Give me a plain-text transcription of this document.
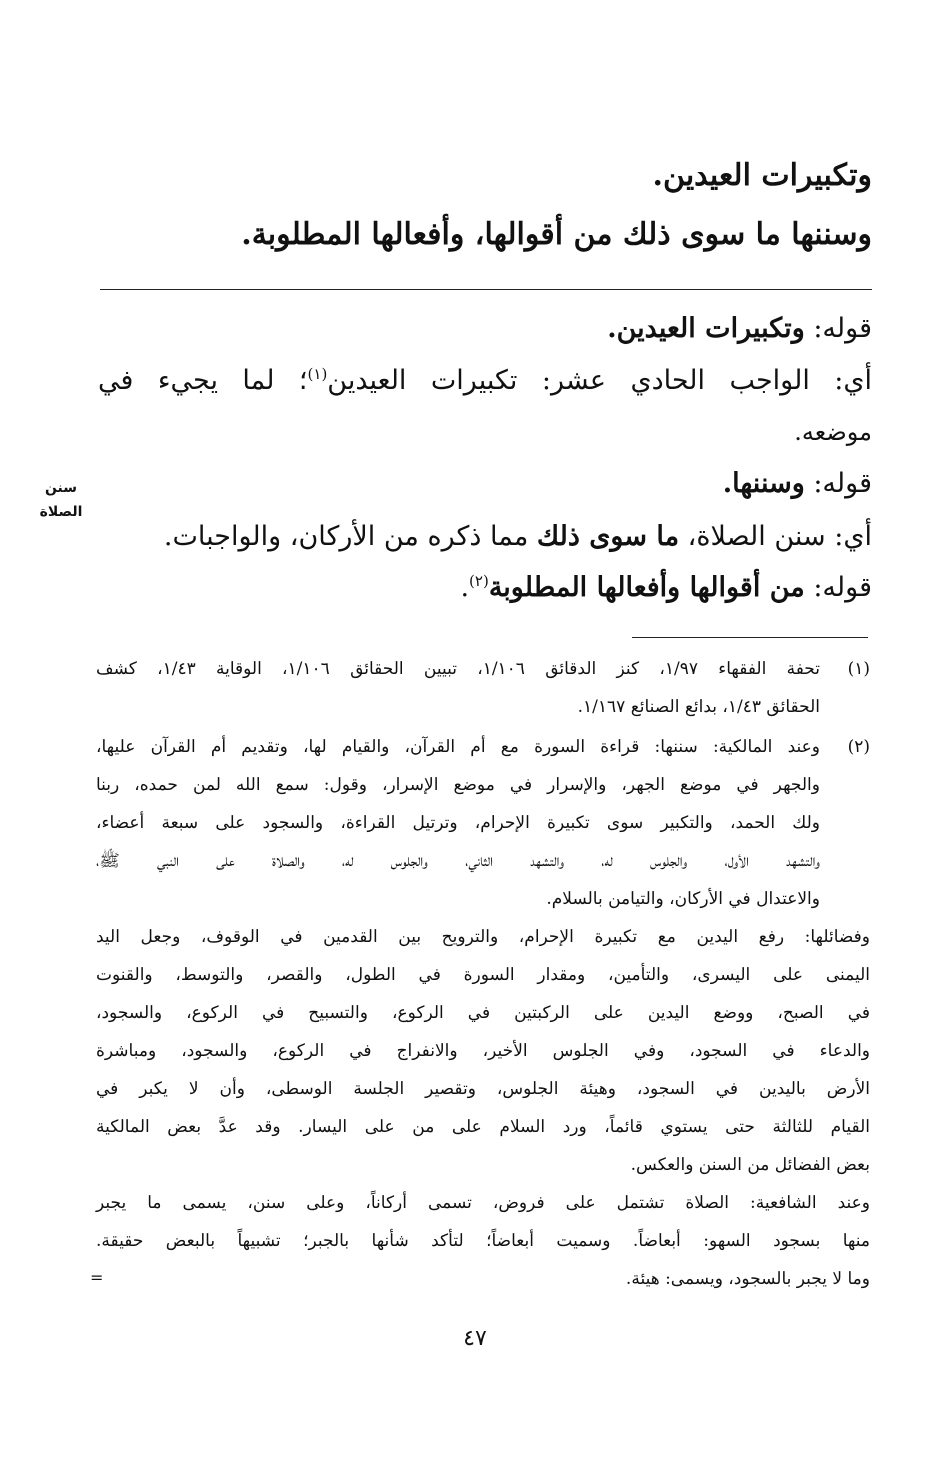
وتكبيرات العيدين.
وسننها ما سوى ذلك من أقوالها، وأفعالها المطلوبة.
قوله: وتكبيرات العيدين.
أي: الواجب الحادي عشر: تكبيرات العيدين$^{(١)}$؛ لما يجيء في
موضعه.
قوله: وسننها.
أي: سنن الصلاة، ما سوى ذلك مما ذكره من الأركان، والواجبات.
قوله: من أقوالها وأفعالها المطلوبة$^{(٢)}$.
سنن
الصلاة
(١)
تحفة الفقهاء ١/٩٧، كنز الدقائق ١/١٠٦، تبيين الحقائق ١/١٠٦، الوقاية ١/٤٣، كشف
الحقائق ١/٤٣، بدائع الصنائع ١/١٦٧.
(٢)
وعند المالكية: سننها: قراءة السورة مع أم القرآن، والقيام لها، وتقديم أم القرآن عليها،
والجهر في موضع الجهر، والإسرار في موضع الإسرار، وقول: سمع الله لمن حمده، ربنا
ولك الحمد، والتكبير سوى تكبيرة الإحرام، وترتيل القراءة، والسجود على سبعة أعضاء،
والتشهد الأول، والجلوس له، والتشهد الثاني، والجلوس له، والصلاة على النبي ﷺ،
والاعتدال في الأركان، والتيامن بالسلام.
وفضائلها: رفع اليدين مع تكبيرة الإحرام، والترويح بين القدمين في الوقوف، وجعل اليد
اليمنى على اليسرى، والتأمين، ومقدار السورة في الطول، والقصر، والتوسط، والقنوت
في الصبح، ووضع اليدين على الركبتين في الركوع، والتسبيح في الركوع، والسجود،
والدعاء في السجود، وفي الجلوس الأخير، والانفراج في الركوع، والسجود، ومباشرة
الأرض باليدين في السجود، وهيئة الجلوس، وتقصير الجلسة الوسطى، وأن لا يكبر في
القيام للثالثة حتى يستوي قائماً، ورد السلام على من على اليسار. وقد عدَّ بعض المالكية
بعض الفضائل من السنن والعكس.
وعند الشافعية: الصلاة تشتمل على فروض، تسمى أركاناً، وعلى سنن، يسمى ما يجبر
منها بسجود السهو: أبعاضاً. وسميت أبعاضاً؛ لتأكد شأنها بالجبر؛ تشبيهاً بالبعض حقيقة.
وما لا يجبر بالسجود، ويسمى: هيئة.
=
٤٧
